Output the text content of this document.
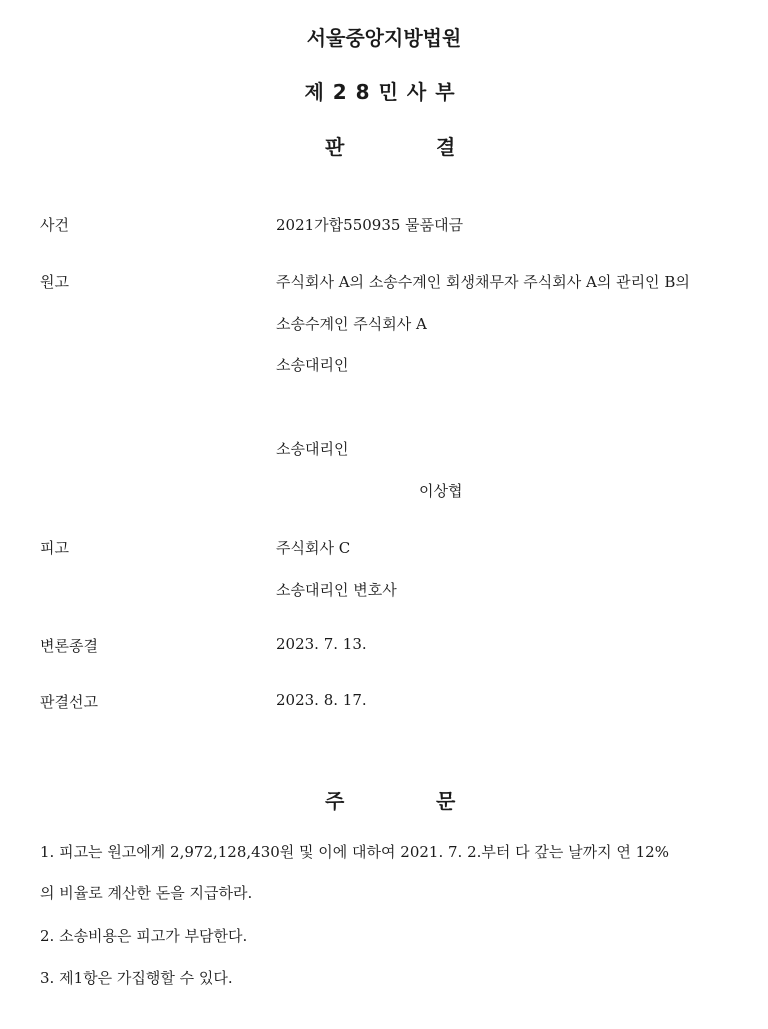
서울중앙지방법원
제28민사부
판	결
사건	2021가합550935 물품대금
원고	주식회사 A의 소송수계인 회생채무자 주식회사 A의 관리인 B의
소송수계인 주식회사 A
소송대리인
소송대리인
이상협
피고	주식회사 C
소송대리인 변호사
변론종결	2023. 7. 13.
판결선고	2023. 8. 17.
주	문
1. 피고는 원고에게 2,972,128,430원 및 이에 대하여 2021. 7. 2.부터 다 갚는 날까지 연 12%
의 비율로 계산한 돈을 지급하라.
2. 소송비용은 피고가 부담한다.
3. 제1항은 가집행할 수 있다.
